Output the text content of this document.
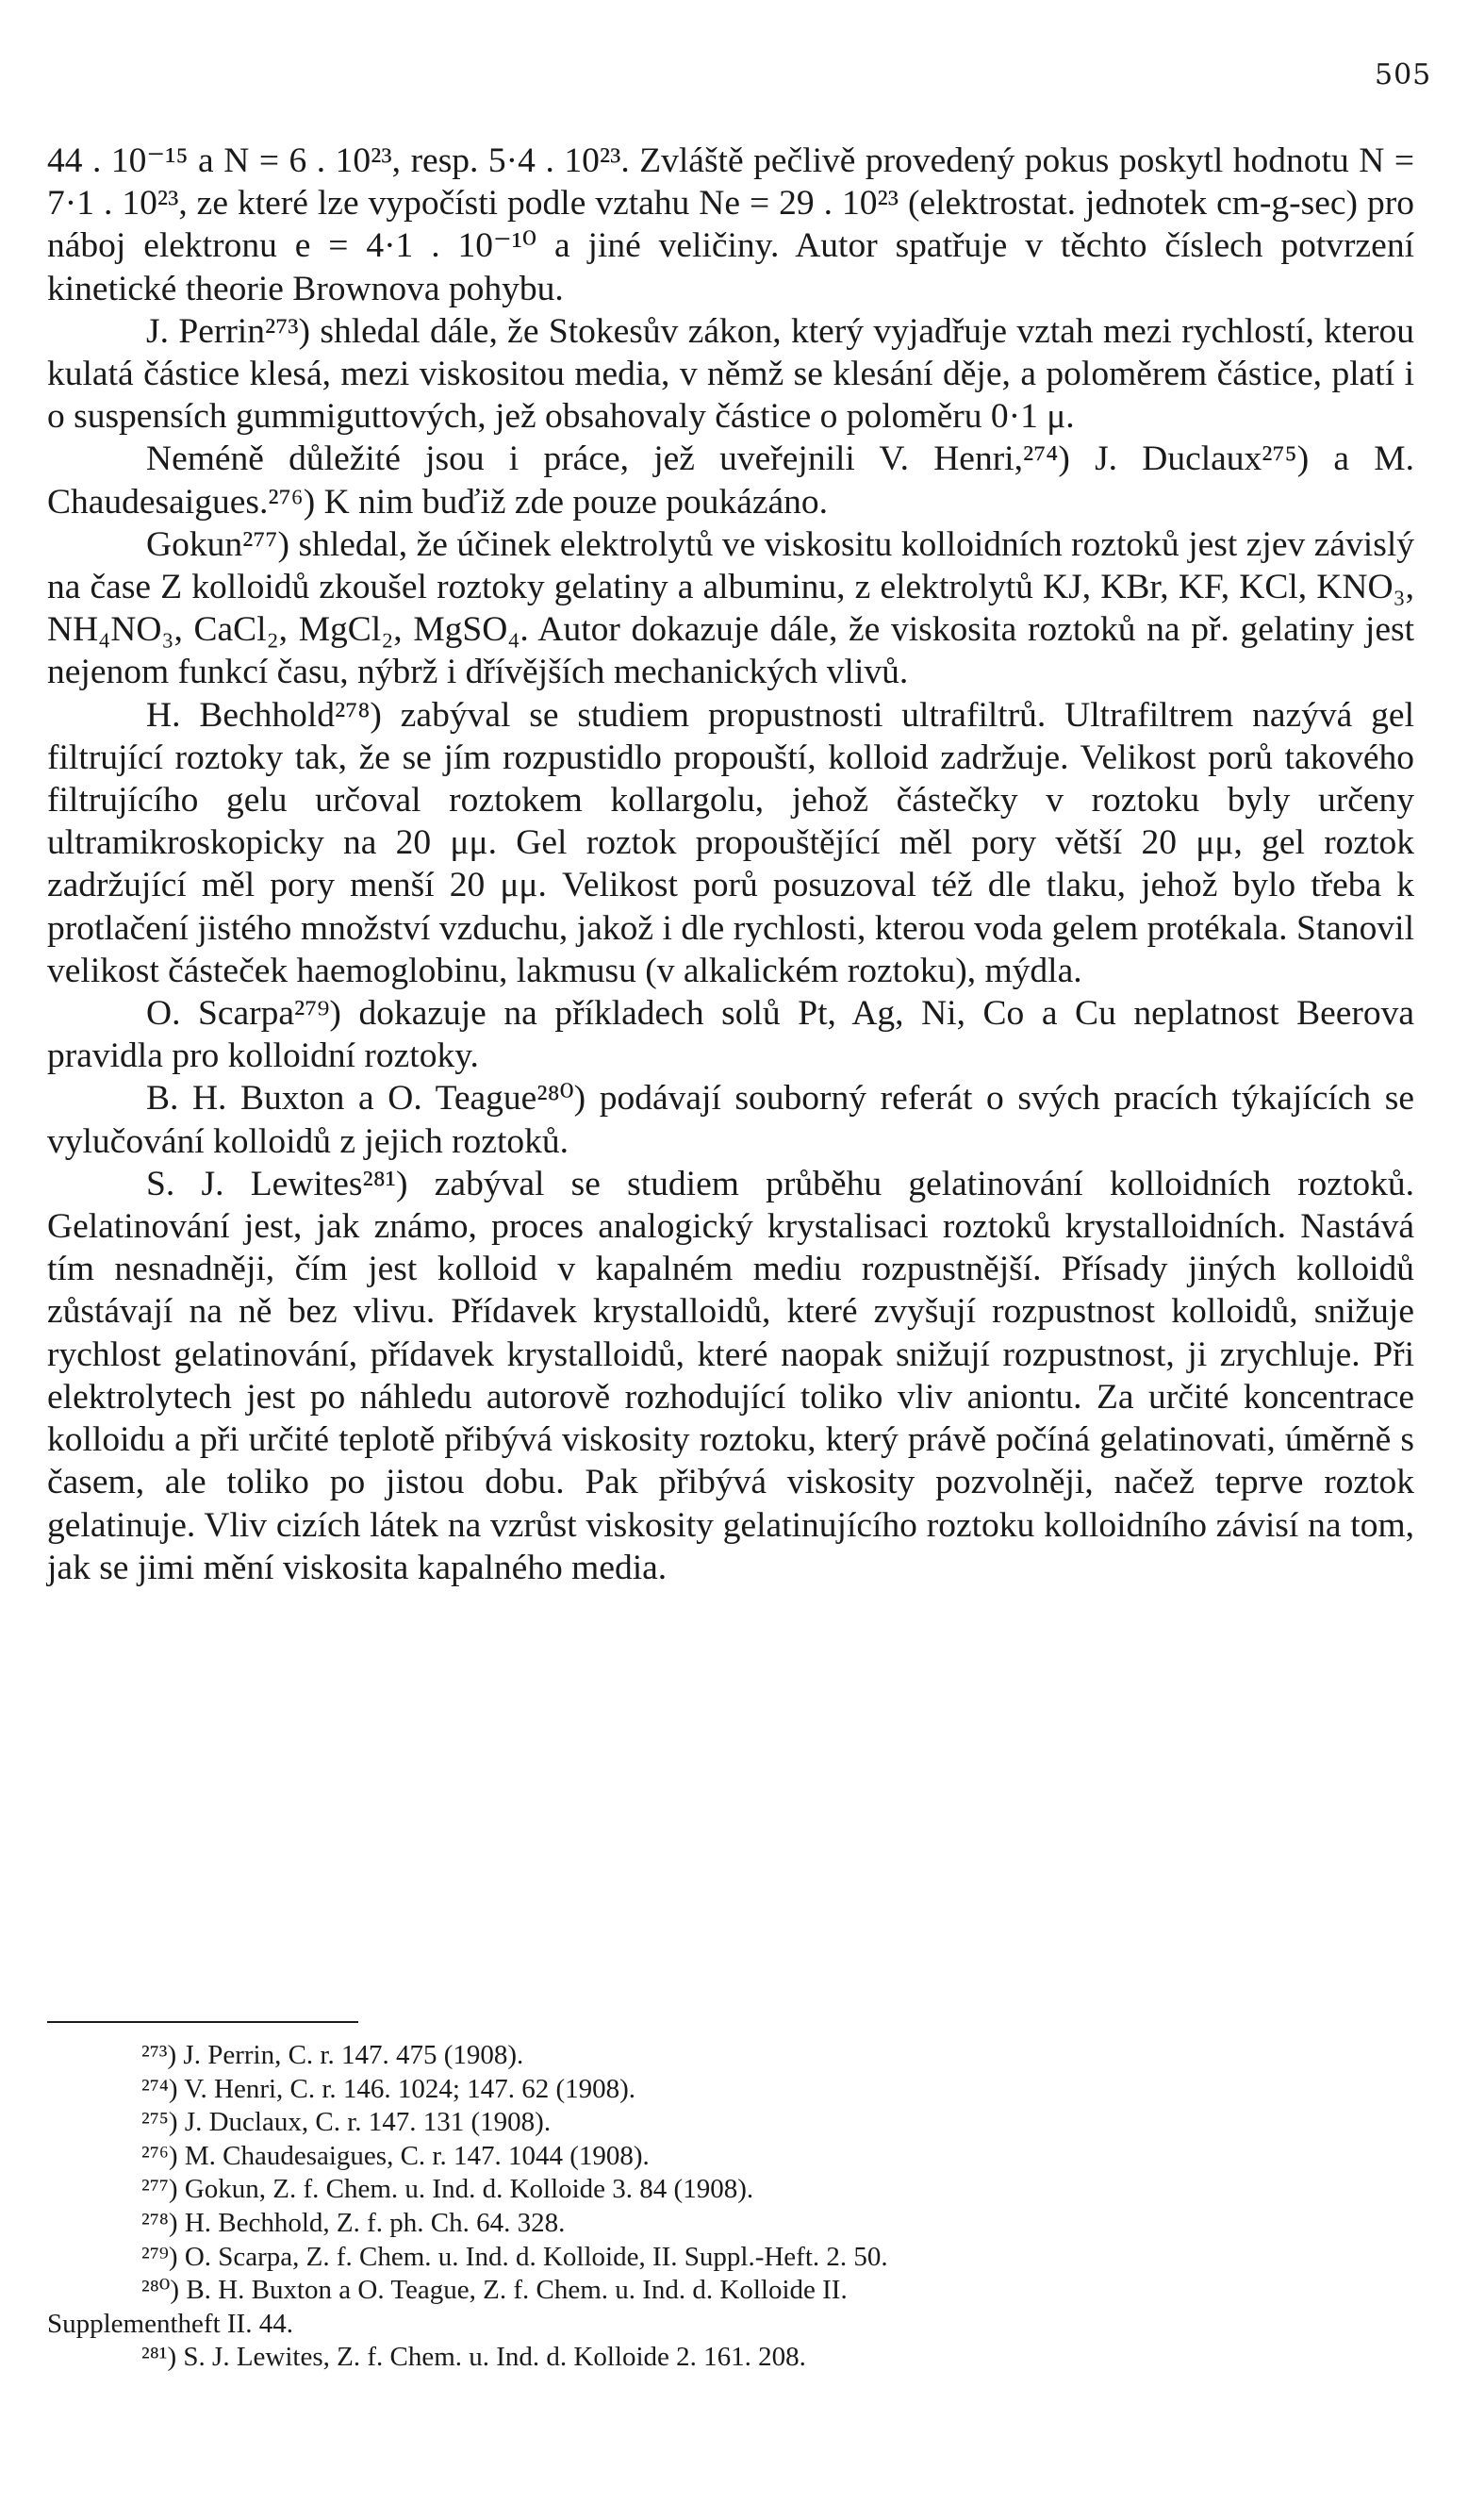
505

44 . 10⁻¹⁵ a N = 6 . 10²³, resp. 5·4 . 10²³. Zvláště pečlivě provedený pokus poskytl hodnotu N = 7·1 . 10²³, ze které lze vypočísti podle vztahu Ne = 29 . 10²³ (elektrostat. jednotek cm-g-sec) pro náboj elektronu e = 4·1 . 10⁻¹⁰ a jiné veličiny. Autor spatřuje v těchto číslech potvrzení kinetické theorie Brownova pohybu.

J. Perrin²⁷³) shledal dále, že Stokesův zákon, který vyjadřuje vztah mezi rychlostí, kterou kulatá částice klesá, mezi viskositou media, v němž se klesání děje, a poloměrem částice, platí i o suspensích gummiguttových, jež obsahovaly částice o poloměru 0·1 μ.

Neméně důležité jsou i práce, jež uveřejnili V. Henri,²⁷⁴) J. Duclaux²⁷⁵) a M. Chaudesaigues.²⁷⁶) K nim buďiž zde pouze poukázáno.

Gokun²⁷⁷) shledal, že účinek elektrolytů ve viskositu kolloidních roztoků jest zjev závislý na čase Z kolloidů zkoušel roztoky gelatiny a albuminu, z elektrolytů KJ, KBr, KF, KCl, KNO₃, NH₄NO₃, CaCl₂, MgCl₂, MgSO₄. Autor dokazuje dále, že viskosita roztoků na př. gelatiny jest nejenom funkcí času, nýbrž i dřívějších mechanických vlivů.

H. Bechhold²⁷⁸) zabýval se studiem propustnosti ultrafiltrů. Ultrafiltrem nazývá gel filtrující roztoky tak, že se jím rozpustidlo propouští, kolloid zadržuje. Velikost porů takového filtrujícího gelu určoval roztokem kollargolu, jehož částečky v roztoku byly určeny ultramikroskopicky na 20 μμ. Gel roztok propouštějící měl pory větší 20 μμ, gel roztok zadržující měl pory menší 20 μμ. Velikost porů posuzoval též dle tlaku, jehož bylo třeba k protlačení jistého množství vzduchu, jakož i dle rychlosti, kterou voda gelem protékala. Stanovil velikost částeček haemoglobinu, lakmusu (v alkalickém roztoku), mýdla.

O. Scarpa²⁷⁹) dokazuje na příkladech solů Pt, Ag, Ni, Co a Cu neplatnost Beerova pravidla pro kolloidní roztoky.

B. H. Buxton a O. Teague²⁸⁰) podávají souborný referát o svých pracích týkajících se vylučování kolloidů z jejich roztoků.

S. J. Lewites²⁸¹) zabýval se studiem průběhu gelatinování kolloidních roztoků. Gelatinování jest, jak známo, proces analogický krystalisaci roztoků krystalloidních. Nastává tím nesnadněji, čím jest kolloid v kapalném mediu rozpustnější. Přísady jiných kolloidů zůstávají na ně bez vlivu. Přídavek krystalloidů, které zvyšují rozpustnost kolloidů, snižuje rychlost gelatinování, přídavek krystalloidů, které naopak snižují rozpustnost, ji zrychluje. Při elektrolytech jest po náhledu autorově rozhodující toliko vliv aniontu. Za určité koncentrace kolloidu a při určité teplotě přibývá viskosity roztoku, který právě počíná gelatinovati, úměrně s časem, ale toliko po jistou dobu. Pak přibývá viskosity pozvolněji, načež teprve roztok gelatinuje. Vliv cizích látek na vzrůst viskosity gelatinujícího roztoku kolloidního závisí na tom, jak se jimi mění viskosita kapalného media.

²⁷³) J. Perrin, C. r. 147. 475 (1908).

²⁷⁴) V. Henri, C. r. 146. 1024; 147. 62 (1908).

²⁷⁵) J. Duclaux, C. r. 147. 131 (1908).

²⁷⁶) M. Chaudesaigues, C. r. 147. 1044 (1908).

²⁷⁷) Gokun, Z. f. Chem. u. Ind. d. Kolloide 3. 84 (1908).

²⁷⁸) H. Bechhold, Z. f. ph. Ch. 64. 328.

²⁷⁹) O. Scarpa, Z. f. Chem. u. Ind. d. Kolloide, II. Suppl.-Heft. 2. 50.

²⁸⁰) B. H. Buxton a O. Teague, Z. f. Chem. u. Ind. d. Kolloide II.

Supplementheft II. 44.

²⁸¹) S. J. Lewites, Z. f. Chem. u. Ind. d. Kolloide 2. 161. 208.
